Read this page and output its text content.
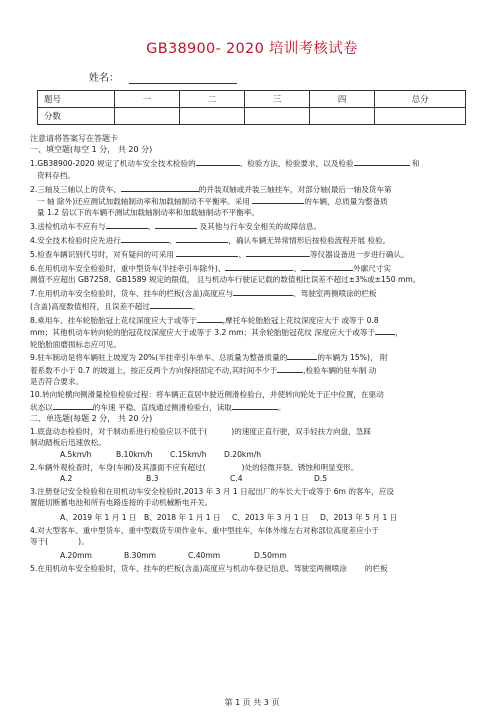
GB38900- 2020 培训考核试卷
姓名：
题号	一	二	三	四	总分
分数					

注意请将答案写在答题卡

一、填空题(每空 1 分， 共 20 分)

1.GB38900-2020 规定了机动车安全技术检验的	、检验方法、检验要求，以及检验	和

资料存档。

2.三轴及三轴以上的货车、	的并装双轴或并装三轴挂车，对部分轴(最后一轴及货车第

一 轴 除外)还应测试加载轴制动率和加载轴制动不平衡率。采用	的车辆，总质量为整备质

量 1.2 倍以下的车辆不测试加载轴制动率和加载轴制动不平衡率。

3.送检机动车不应有与	、	及其他与行车安全相关的故障信息。

4.安全技术检验时应先进行	、	，确认车辆无异常情形后按检验流程开展 检验。

5.检查车辆识别代号时，对有疑问的可采用	、	等仪器设备进一步进行确认。

6.在用机动车安全检验时，重中型货车(半挂牵引车除外)、	、	外廓尺寸实

测值不应超出 GB7258、GB1589 规定的限值， 且与机动车行驶证记载的数值相比误差不超过±3%或±150 mm。

7.在用机动车安全检验时，货车、挂车的栏板(含盖)高度应与	、驾驶室两侧喷涂的栏板

(含盖)高度数值相符，且误差不超过	。

8.乘用车、挂车轮胎胎冠上花纹深度应大于或等于	,摩托车轮胎胎冠上花纹深度应大于 或等于 0.8

mm；其他机动车转向轮的胎冠花纹深度应大于或等于 3.2 mm；其余轮胎胎冠花纹 深度应大于或等于	，

轮胎胎面磨损标志应可见。

9.驻车制动是将车辆驻上坡度为 20%(半挂牵引车单车、总质量为整备质量的	的车辆为 15%)， 附

着系数不小于 0.7 的坡道上，按正反两个方向保持固定不动,其时间不少于	,检验车辆的驻车制 动

是否符合要求。

10.转向轮横向侧滑量检验检验过程：将车辆正直居中驶近侧滑检验台，并使转向轮处于正中位置，在驱动

状态以	的车速 平稳、直线通过侧滑检验台，读取	。

二、单选题(每题 2 分， 共 20 分)

1.底盘动态检验时，对于制动系进行检验应以不低于(	)的速度正直行驶，双手轻扶方向盘，急踩

制动踏板后迅速放松。

A.5km/h	B.10km/h C.15km/h D.20km/h

2.车辆外观检查时，车身(车厢)及其漆面不应有超过(	)处的轻微开裂、锈蚀和明显变形。

A.2	B.3	C.4	D.5

3.注册登记安全检验和在用机动车安全检验时,2013 年 3 月 1 日起出厂的车长大于或等于 6m 的客车，应设

置能切断蓄电池和所有电路连接的手动机械断电开关。

A、2019 年 1 月 1 日 B、2018 年 1 月 1 日 C、2013 年 3 月 1 日 D、2013 年 5 月 1 日

4.对大型客车、重中型货车、重中型载货专项作业车、重中型挂车，车体外缘左右对称部位高度差应小于

等于(	)。

A.20mm	B.30mm	C.40mm	D.50mm

5.在用机动车安全检验时，货车、挂车的栏板(含盖)高度应与机动车登记信息、驾驶室两侧喷涂 的栏板

第 1 页 共 3 页
